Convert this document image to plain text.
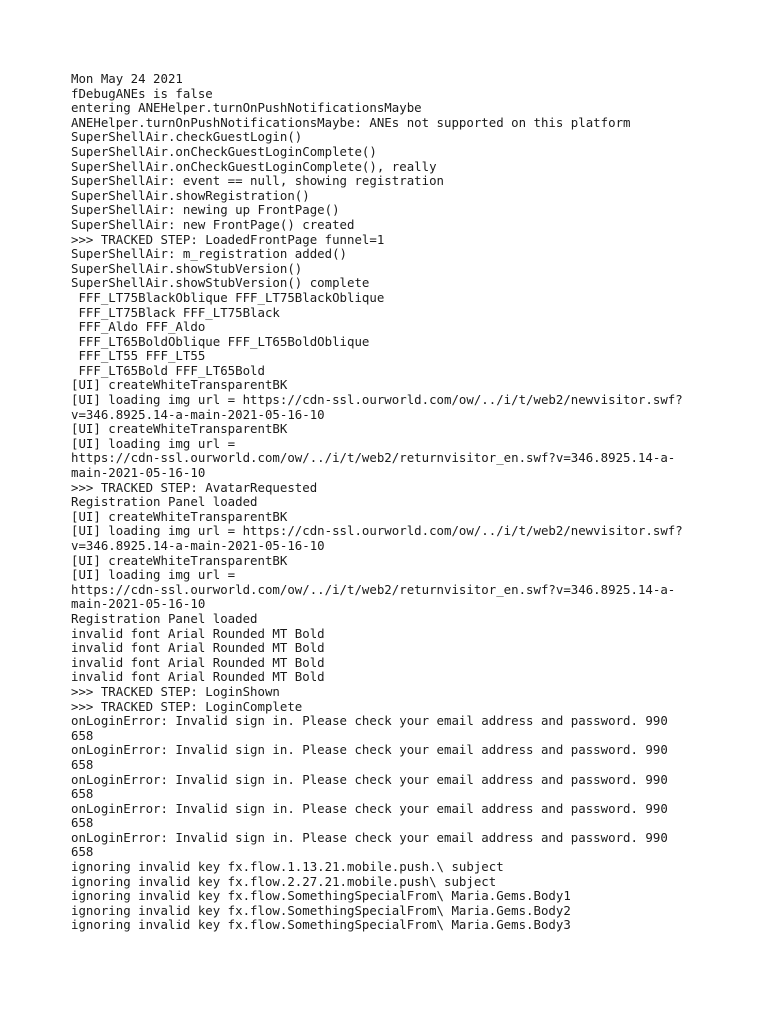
Mon May 24 2021
fDebugANEs is false
entering ANEHelper.turnOnPushNotificationsMaybe
ANEHelper.turnOnPushNotificationsMaybe: ANEs not supported on this platform
SuperShellAir.checkGuestLogin()
SuperShellAir.onCheckGuestLoginComplete()
SuperShellAir.onCheckGuestLoginComplete(), really
SuperShellAir: event == null, showing registration
SuperShellAir.showRegistration()
SuperShellAir: newing up FrontPage()
SuperShellAir: new FrontPage() created
>>> TRACKED STEP: LoadedFrontPage funnel=1
SuperShellAir: m_registration added()
SuperShellAir.showStubVersion()
SuperShellAir.showStubVersion() complete
FFF_LT75BlackOblique FFF_LT75BlackOblique
FFF_LT75Black FFF_LT75Black
FFF_Aldo FFF_Aldo
FFF_LT65BoldOblique FFF_LT65BoldOblique
FFF_LT55 FFF_LT55
FFF_LT65Bold FFF_LT65Bold
[UI] createWhiteTransparentBK
[UI] loading img url = https://cdn-ssl.ourworld.com/ow/../i/t/web2/newvisitor.swf?
v=346.8925.14-a-main-2021-05-16-10
[UI] createWhiteTransparentBK
[UI] loading img url =
https://cdn-ssl.ourworld.com/ow/../i/t/web2/returnvisitor_en.swf?v=346.8925.14-a-
main-2021-05-16-10
>>> TRACKED STEP: AvatarRequested
Registration Panel loaded
[UI] createWhiteTransparentBK
[UI] loading img url = https://cdn-ssl.ourworld.com/ow/../i/t/web2/newvisitor.swf?
v=346.8925.14-a-main-2021-05-16-10
[UI] createWhiteTransparentBK
[UI] loading img url =
https://cdn-ssl.ourworld.com/ow/../i/t/web2/returnvisitor_en.swf?v=346.8925.14-a-
main-2021-05-16-10
Registration Panel loaded
invalid font Arial Rounded MT Bold
invalid font Arial Rounded MT Bold
invalid font Arial Rounded MT Bold
invalid font Arial Rounded MT Bold
>>> TRACKED STEP: LoginShown
>>> TRACKED STEP: LoginComplete
onLoginError: Invalid sign in. Please check your email address and password. 990
658
onLoginError: Invalid sign in. Please check your email address and password. 990
658
onLoginError: Invalid sign in. Please check your email address and password. 990
658
onLoginError: Invalid sign in. Please check your email address and password. 990
658
onLoginError: Invalid sign in. Please check your email address and password. 990
658
ignoring invalid key fx.flow.1.13.21.mobile.push.\ subject
ignoring invalid key fx.flow.2.27.21.mobile.push\ subject
ignoring invalid key fx.flow.SomethingSpecialFrom\ Maria.Gems.Body1
ignoring invalid key fx.flow.SomethingSpecialFrom\ Maria.Gems.Body2
ignoring invalid key fx.flow.SomethingSpecialFrom\ Maria.Gems.Body3
